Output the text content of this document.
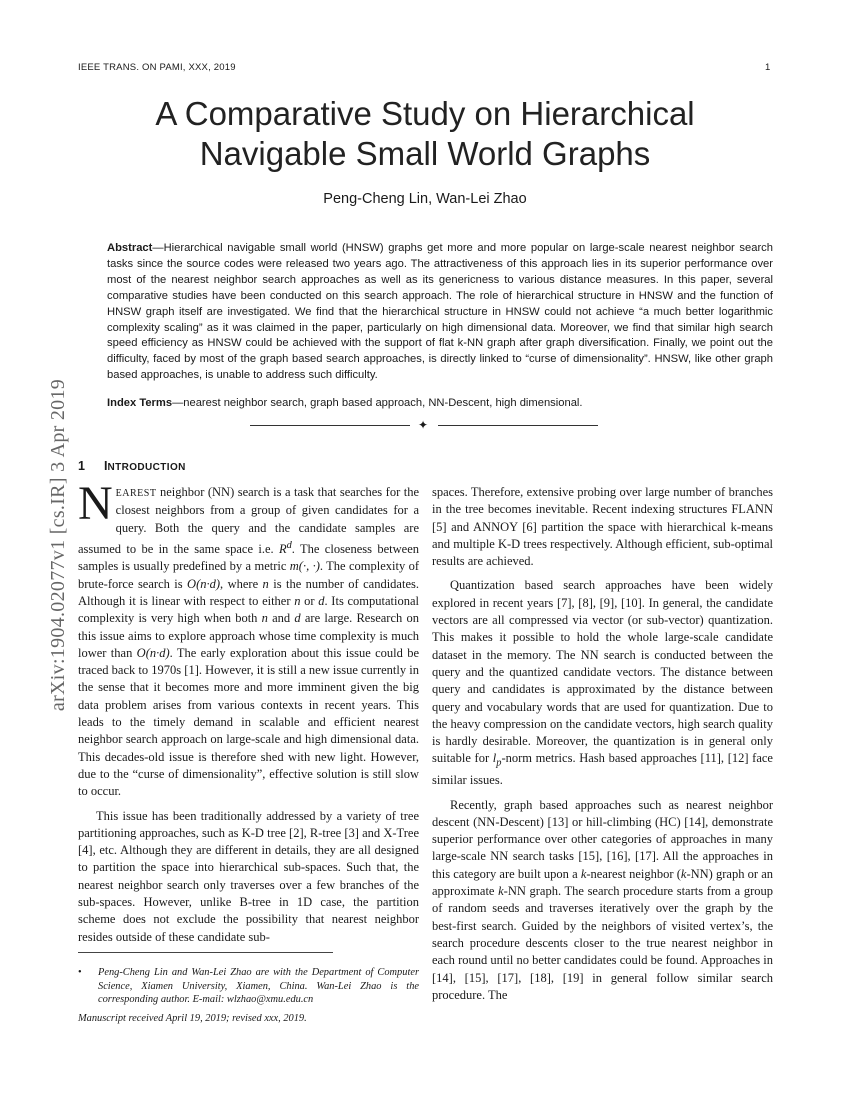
IEEE TRANS. ON PAMI, XXX, 2019	1
A Comparative Study on Hierarchical
Navigable Small World Graphs
Peng-Cheng Lin, Wan-Lei Zhao
Abstract—Hierarchical navigable small world (HNSW) graphs get more and more popular on large-scale nearest neighbor search tasks since the source codes were released two years ago. The attractiveness of this approach lies in its superior performance over most of the nearest neighbor search approaches as well as its genericness to various distance measures. In this paper, several comparative studies have been conducted on this search approach. The role of hierarchical structure in HNSW and the function of HNSW graph itself are investigated. We find that the hierarchical structure in HNSW could not achieve “a much better logarithmic complexity scaling” as it was claimed in the paper, particularly on high dimensional data. Moreover, we find that similar high search speed efficiency as HNSW could be achieved with the support of flat k-NN graph after graph diversification. Finally, we point out the difficulty, faced by most of the graph based search approaches, is directly linked to “curse of dimensionality”. HNSW, like other graph based approaches, is unable to address such difficulty.
Index Terms—nearest neighbor search, graph based approach, NN-Descent, high dimensional.
✦
arXiv:1904.02077v1 [cs.IR] 3 Apr 2019 1 INTRODUCTION

NEAREST neighbor (NN) search is a task that searches for the closest neighbors from a group of given candidates for a query. Both the query and the candidate samples are assumed to be in the same space i.e. $R^d$. The closeness between samples is usually predefined by a metric m(·, ·). The complexity of brute-force search is O(n·d), where n is the number of candidates. Although it is linear with respect to either n or d. Its computational complexity is very high when both n and d are large. Research on this issue aims to explore approach whose time complexity is much lower than O(n·d). The early exploration about this issue could be traced back to 1970s [1]. However, it is still a new issue currently in the sense that it becomes more and more imminent given the big data problem arises from various contexts in recent years. This leads to the timely demand in scalable and efficient nearest neighbor search approach on large-scale and high dimensional data. This decades-old issue is therefore shed with new light. However, due to the “curse of dimensionality”, effective solution is still slow to occur.

This issue has been traditionally addressed by a variety of tree partitioning approaches, such as K-D tree [2], R-tree [3] and X-Tree [4], etc. Although they are different in details, they are all designed to partition the space into hierarchical sub-spaces. Such that, the nearest neighbor search only traverses over a few branches of the sub-spaces. However, unlike B-tree in 1D case, the partition scheme does not exclude the possibility that nearest neighbor resides outside of these candidate sub-

spaces. Therefore, extensive probing over large number of branches in the tree becomes inevitable. Recent indexing structures FLANN [5] and ANNOY [6] partition the space with hierarchical k-means and multiple K-D trees respectively. Although efficient, sub-optimal results are achieved.

Quantization based search approaches have been widely explored in recent years [7], [8], [9], [10]. In general, the candidate vectors are all compressed via vector (or sub-vector) quantization. This makes it possible to hold the whole large-scale candidate dataset in the memory. The NN search is conducted between the query and the quantized candidate vectors. The distance between query and candidates is approximated by the distance between query and vocabulary words that are used for quantization. Due to the heavy compression on the candidate vectors, high search quality is hardly desirable. Moreover, the quantization is in general only suitable for $l_p$-norm metrics. Hash based approaches [11], [12] face similar issues.

Recently, graph based approaches such as nearest neighbor descent (NN-Descent) [13] or hill-climbing (HC) [14], demonstrate superior performance over other categories of approaches in many large-scale NN search tasks [15], [16], [17]. All the approaches in this category are built upon a k-nearest neighbor (k-NN) graph or an approximate k-NN graph. The search procedure starts from a group of random seeds and traverses iteratively over the graph by the best-first search. Guided by the neighbors of visited vertex’s, the search procedure descents closer to the true nearest neighbor in each round until no better candidates could be found. Approaches in [14], [15], [17], [18], [19] in general follow similar search procedure. The

•	Peng-Cheng Lin and Wan-Lei Zhao are with the Department of Computer Science, Xiamen University, Xiamen, China. Wan-Lei Zhao is the corresponding author. E-mail: wlzhao@xmu.edu.cn
Manuscript received April 19, 2019; revised xxx, 2019.
